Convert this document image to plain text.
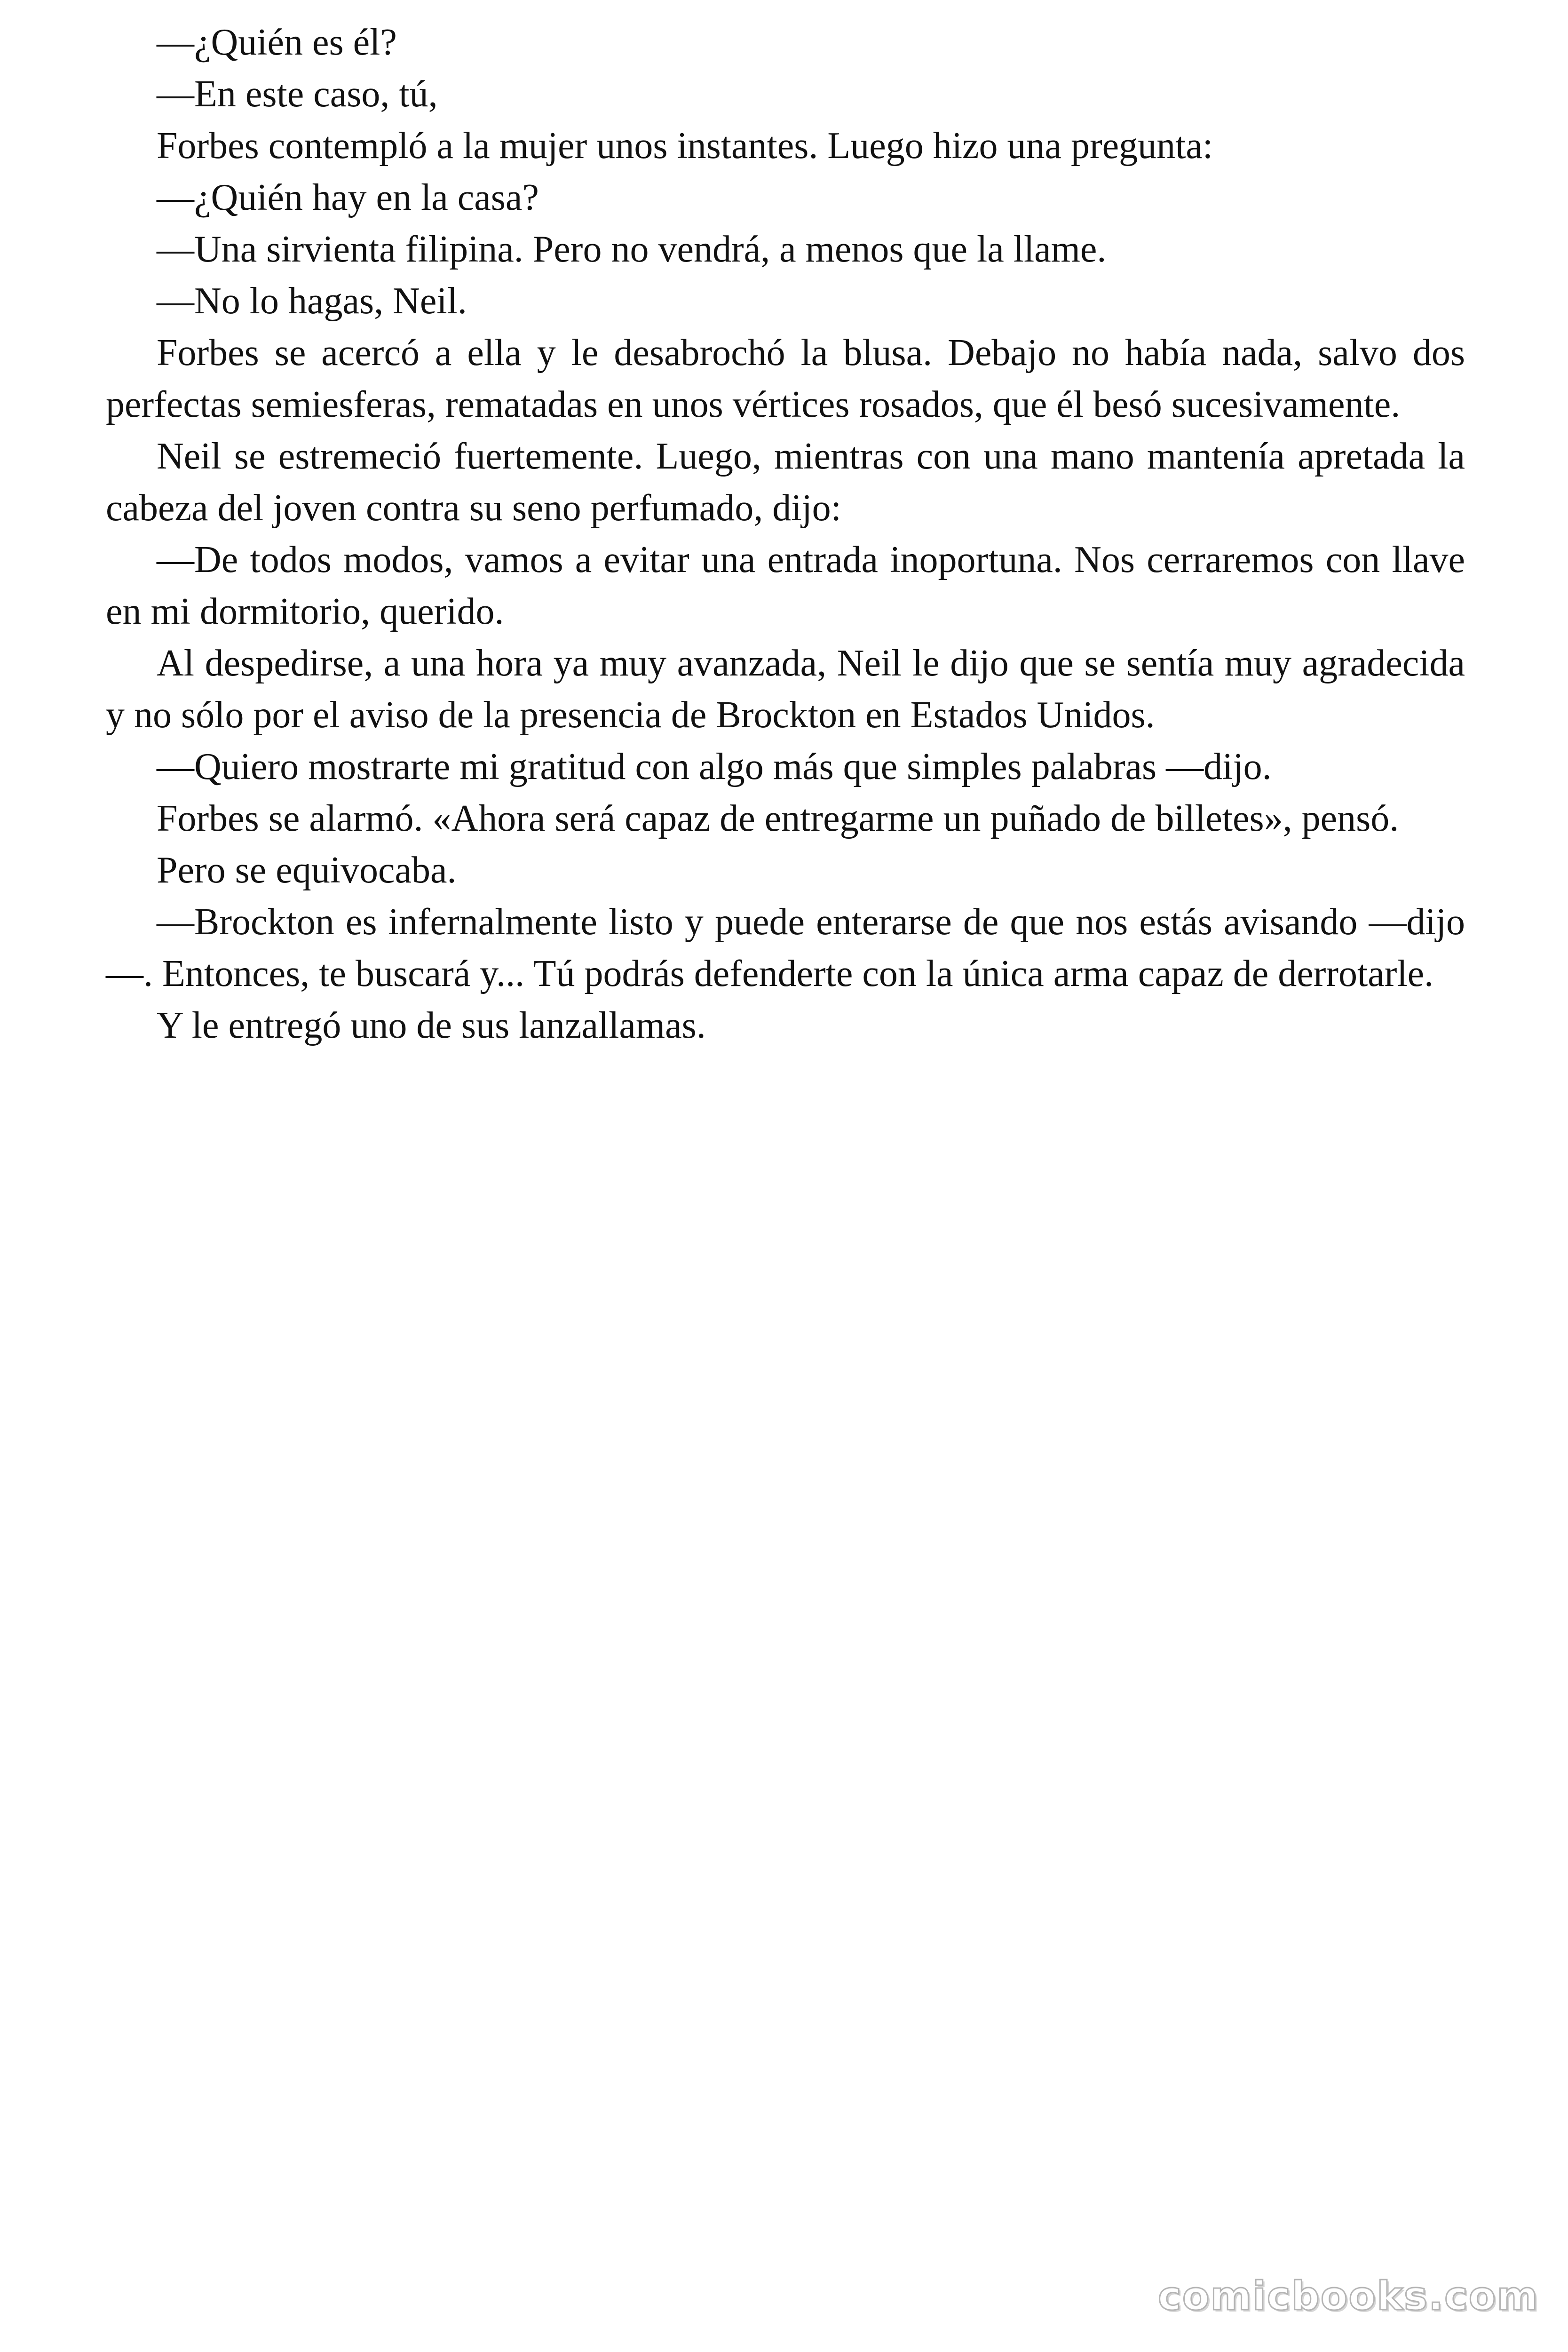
—¿Quién es él?

—En este caso, tú,

Forbes contempló a la mujer unos instantes. Luego hizo una pregunta:

—¿Quién hay en la casa?

—Una sirvienta filipina. Pero no vendrá, a menos que la llame.

—No lo hagas, Neil.

Forbes se acercó a ella y le desabrochó la blusa. Debajo no había nada, salvo dos perfectas semiesferas, rematadas en unos vértices rosados, que él besó sucesivamente.

Neil se estremeció fuertemente. Luego, mientras con una mano mantenía apretada la cabeza del joven contra su seno perfumado, dijo:

—De todos modos, vamos a evitar una entrada inoportuna. Nos cerraremos con llave en mi dormitorio, querido.

Al despedirse, a una hora ya muy avanzada, Neil le dijo que se sentía muy agradecida y no sólo por el aviso de la presencia de Brockton en Estados Unidos.

—Quiero mostrarte mi gratitud con algo más que simples palabras —dijo.

Forbes se alarmó. «Ahora será capaz de entregarme un puñado de billetes», pensó.

Pero se equivocaba.

—Brockton es infernalmente listo y puede enterarse de que nos estás avisando —dijo—. Entonces, te buscará y... Tú podrás defenderte con la única arma capaz de derrotarle.

Y le entregó uno de sus lanzallamas.

comicbooks.com
